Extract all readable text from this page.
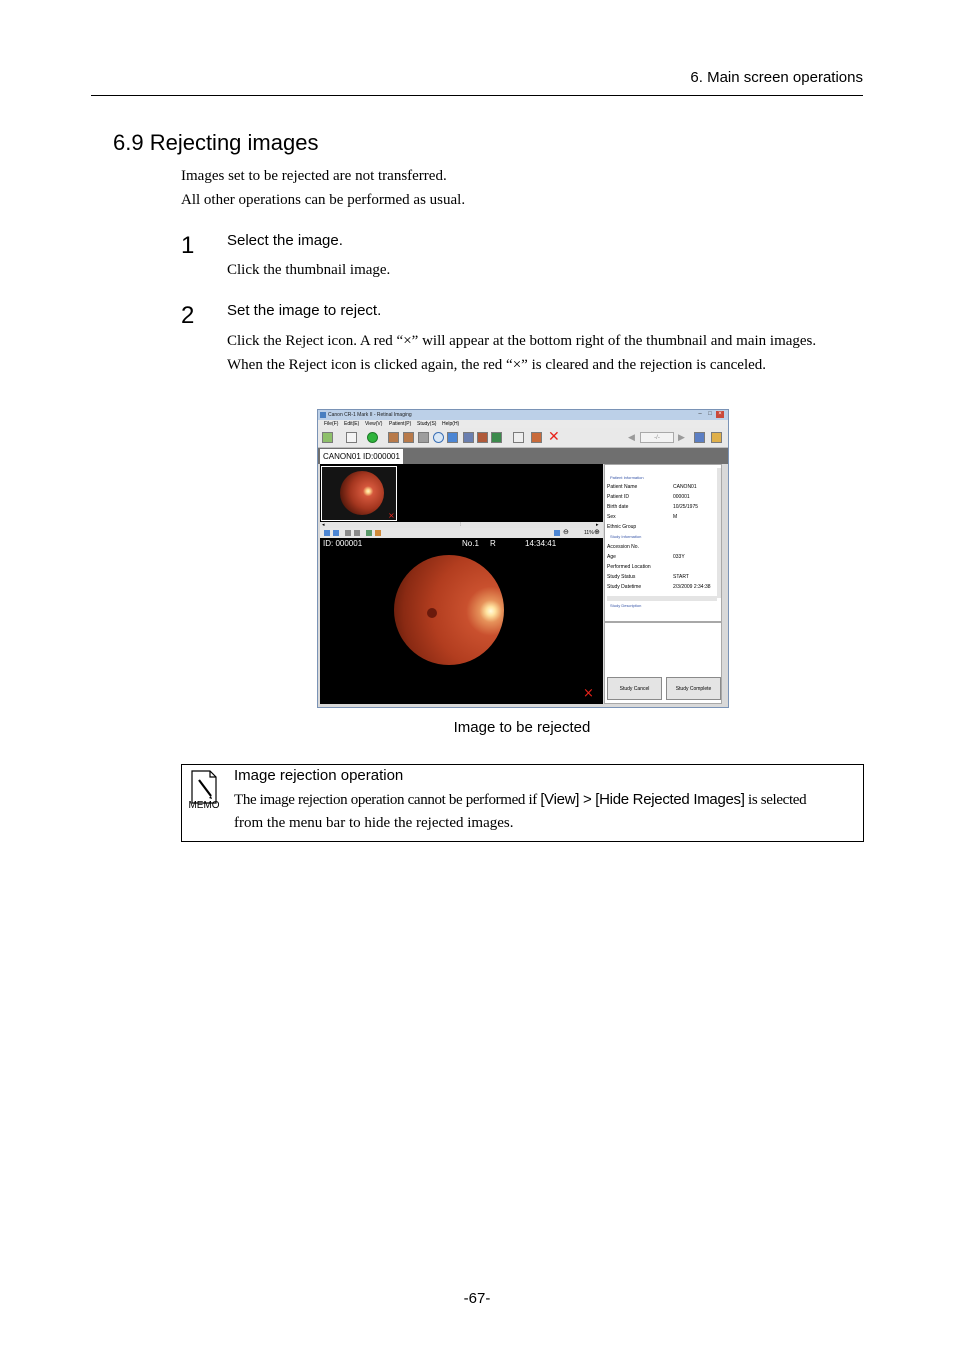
6. Main screen operations
6.9 Rejecting images
Images set to be rejected are not transferred.
All other operations can be performed as usual.
1 Select the image.
Click the thumbnail image.
2 Set the image to reject.
Click the Reject icon. A red “×” will appear at the bottom right of the thumbnail and main images.
When the Reject icon is clicked again, the red “×” is cleared and the rejection is canceled.
Canon CR-1 Mark II - Retinal Imaging	–	□	×
File(F) Edit(E) View(V) Patient(P) Study(S) Help(H)
✕	◀	-/-	▶
CANON01 ID:000001
×
◂	⁞	▸
⊖	11% ⊕
ID: 000001	No.1 R	14:34:41
×
Patient Information
Patient Name	CANON01
Patient ID	000001
Birth date	10/25/1975
Sex	M
Ethnic Group
Study Information
Accession No.
Age	033Y
Performed Location
Study Status	START
Study Datetime	2/3/2009 2:34:38
Study Description
Study Cancel	Study Complete
Image to be rejected
MEMO
Image rejection operation
The image rejection operation cannot be performed if [View] > [Hide Rejected Images] is selected
from the menu bar to hide the rejected images.
-67-
